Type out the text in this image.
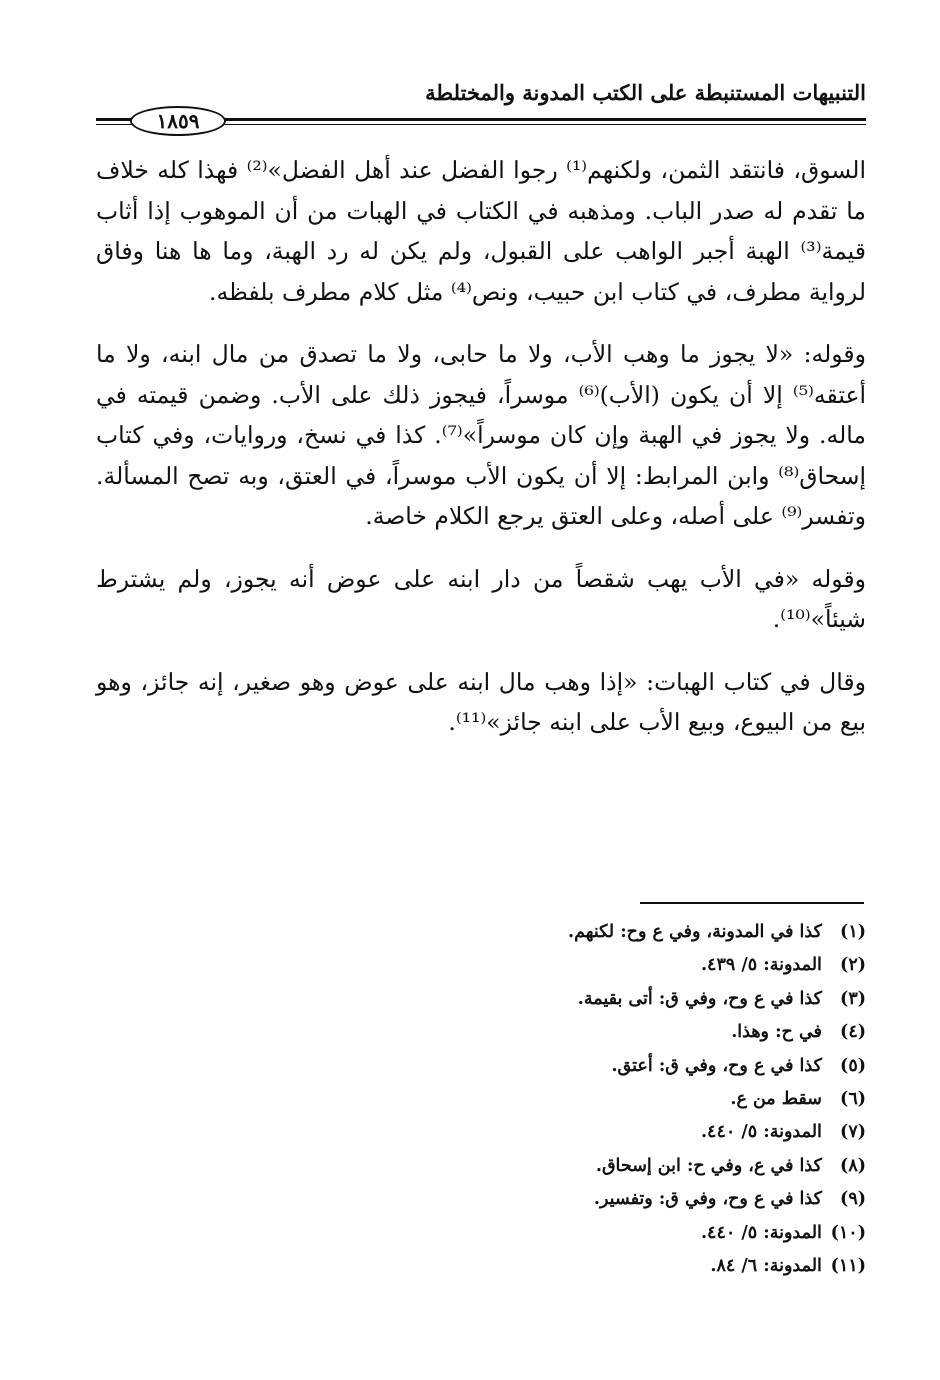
التنبيهات المستنبطة على الكتب المدونة والمختلطة
١٨٥٩

السوق، فانتقد الثمن، ولكنهم⁽¹⁾ رجوا الفضل عند أهل الفضل»⁽²⁾ فهذا كله خلاف ما تقدم له صدر الباب. ومذهبه في الكتاب في الهبات من أن الموهوب إذا أثاب قيمة⁽³⁾ الهبة أجبر الواهب على القبول، ولم يكن له رد الهبة، وما ها هنا وفاق لرواية مطرف، في كتاب ابن حبيب، ونص⁽⁴⁾ مثل كلام مطرف بلفظه.

وقوله: «لا يجوز ما وهب الأب، ولا ما حابى، ولا ما تصدق من مال ابنه، ولا ما أعتقه⁽⁵⁾ إلا أن يكون (الأب)⁽⁶⁾ موسراً، فيجوز ذلك على الأب. وضمن قيمته في ماله. ولا يجوز في الهبة وإن كان موسراً»⁽⁷⁾. كذا في نسخ، وروايات، وفي كتاب إسحاق⁽⁸⁾ وابن المرابط: إلا أن يكون الأب موسراً، في العتق، وبه تصح المسألة. وتفسر⁽⁹⁾ على أصله، وعلى العتق يرجع الكلام خاصة.

وقوله «في الأب يهب شقصاً من دار ابنه على عوض أنه يجوز، ولم يشترط شيئاً»⁽¹⁰⁾.

وقال في كتاب الهبات: «إذا وهب مال ابنه على عوض وهو صغير، إنه جائز، وهو بيع من البيوع، وبيع الأب على ابنه جائز»⁽¹¹⁾.

(١) كذا في المدونة، وفي ع وح: لكنهم.
(٢) المدونة: ٥/ ٤٣٩.
(٣) كذا في ع وح، وفي ق: أتى بقيمة.
(٤) في ح: وهذا.
(٥) كذا في ع وح، وفي ق: أعتق.
(٦) سقط من ع.
(٧) المدونة: ٥/ ٤٤٠.
(٨) كذا في ع، وفي ح: ابن إسحاق.
(٩) كذا في ع وح، وفي ق: وتفسير.
(١٠) المدونة: ٥/ ٤٤٠.
(١١) المدونة: ٦/ ٨٤.
